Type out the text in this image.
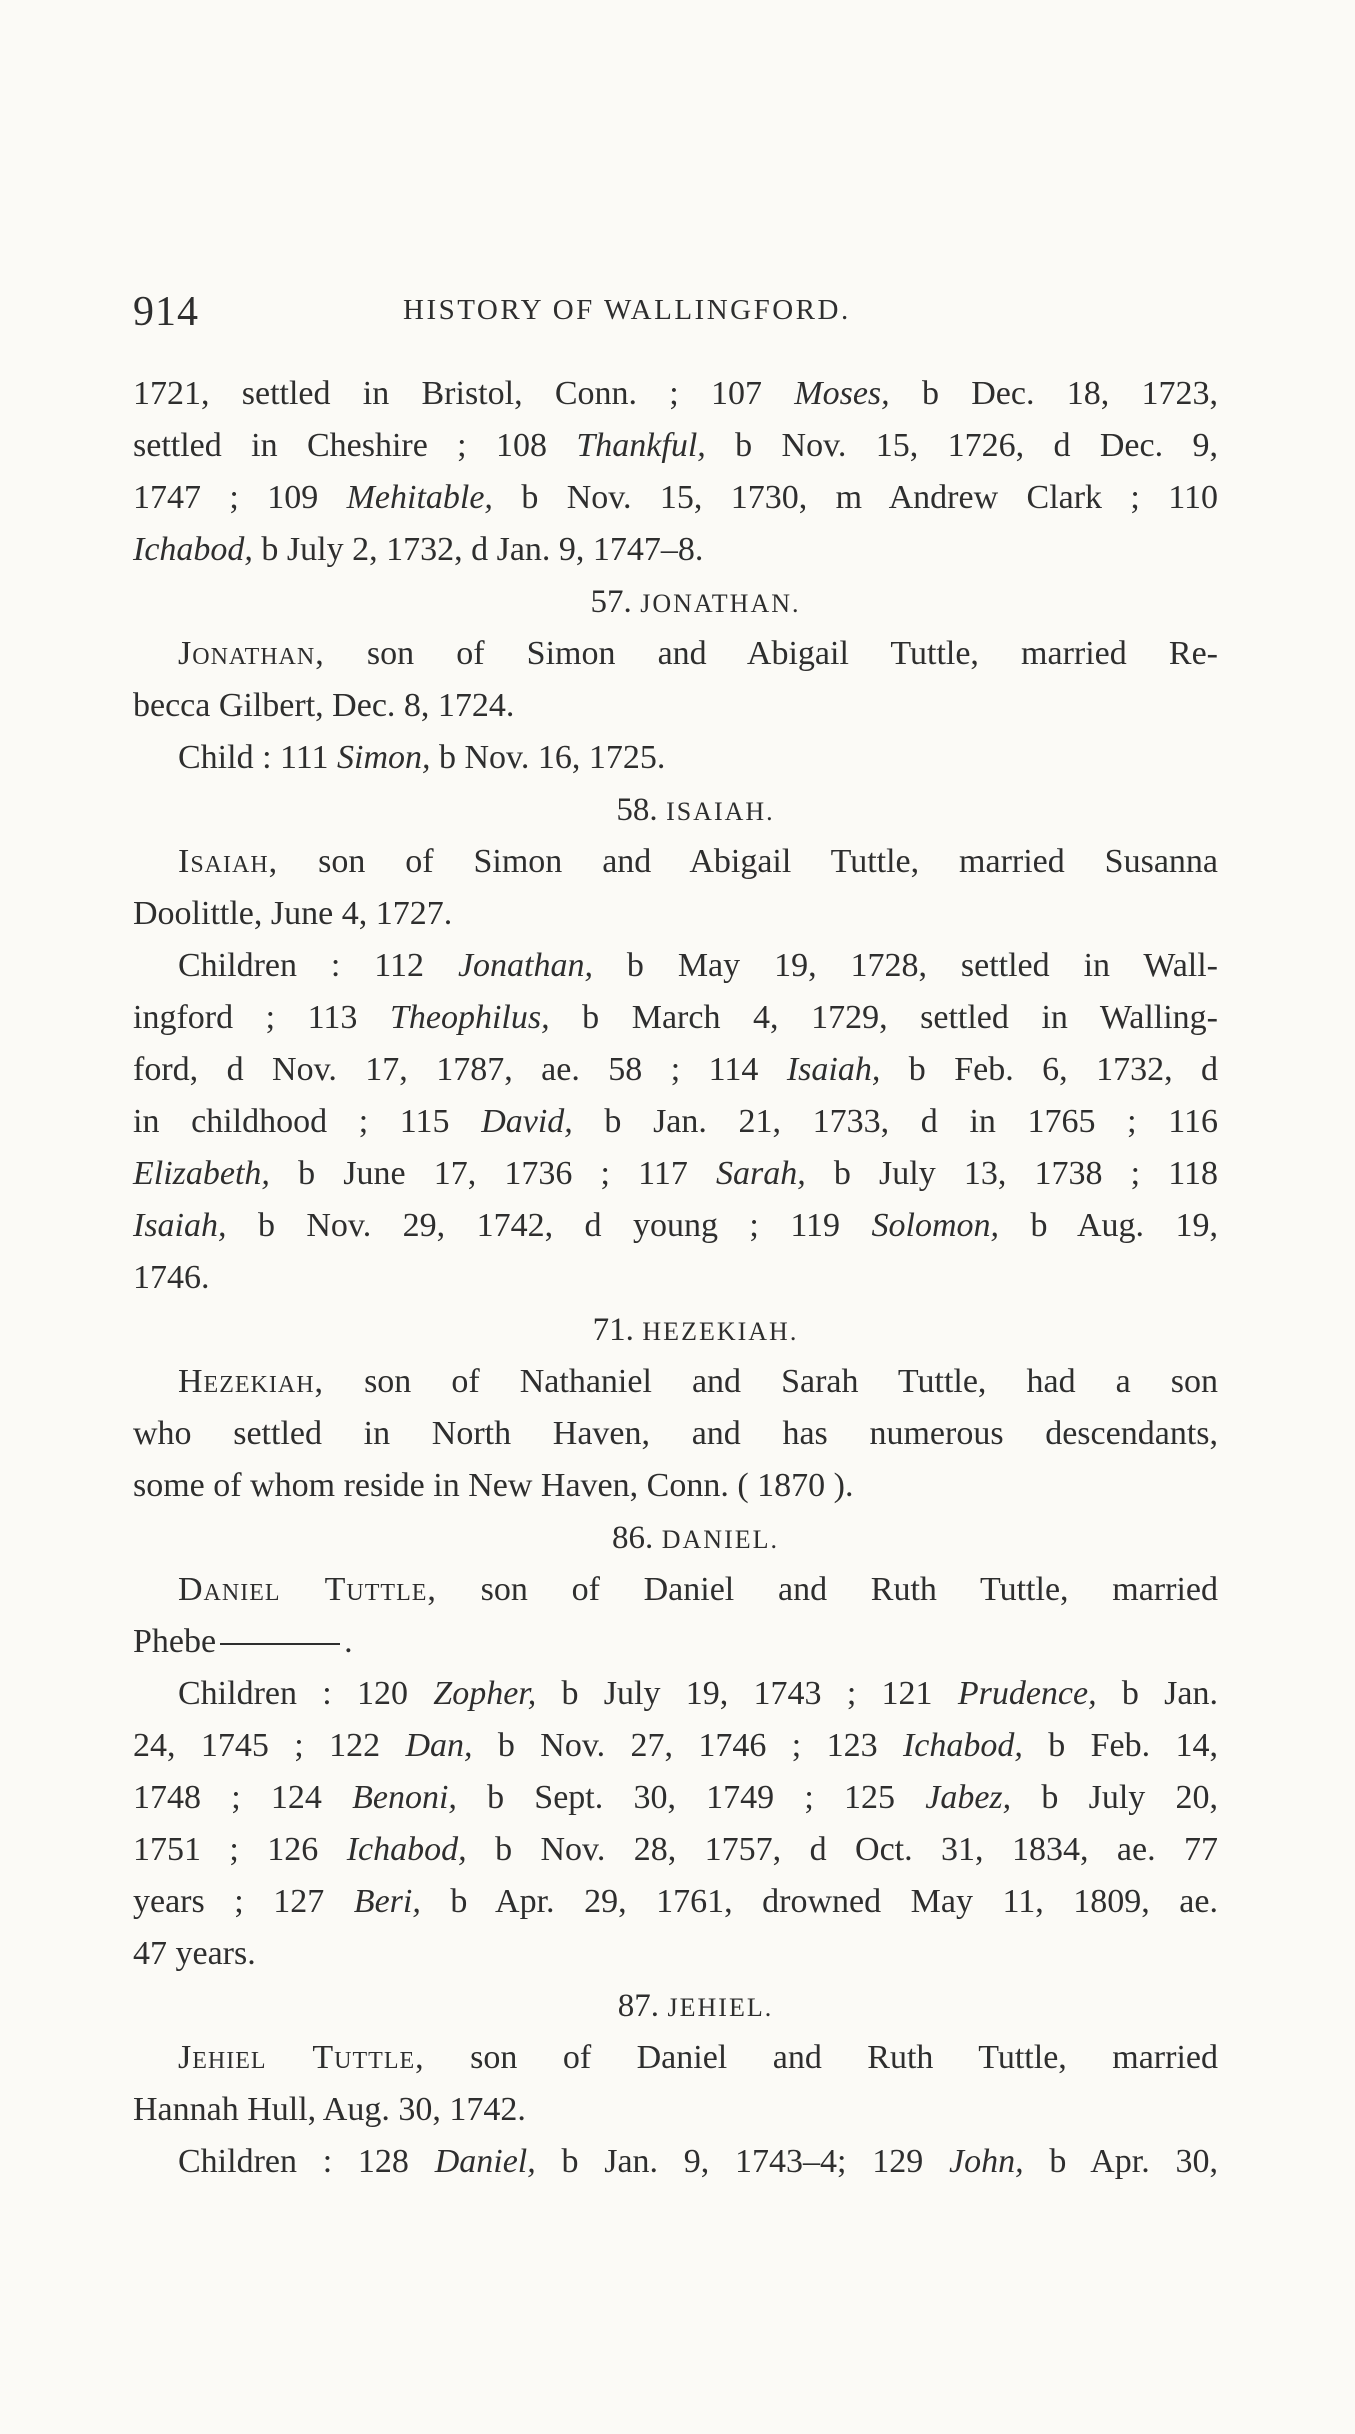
914	HISTORY OF WALLINGFORD.
1721, settled in Bristol, Conn. ; 107 Moses, b Dec. 18, 1723,
settled in Cheshire ; 108 Thankful, b Nov. 15, 1726, d Dec. 9,
1747 ; 109 Mehitable, b Nov. 15, 1730, m Andrew Clark ; 110
Ichabod, b July 2, 1732, d Jan. 9, 1747–8.
57. JONATHAN.
Jonathan, son of Simon and Abigail Tuttle, married Re-
becca Gilbert, Dec. 8, 1724.
Child : 111 Simon, b Nov. 16, 1725.
58. ISAIAH.
Isaiah, son of Simon and Abigail Tuttle, married Susanna
Doolittle, June 4, 1727.
Children : 112 Jonathan, b May 19, 1728, settled in Wall-
ingford ; 113 Theophilus, b March 4, 1729, settled in Walling-
ford, d Nov. 17, 1787, ae. 58 ; 114 Isaiah, b Feb. 6, 1732, d
in childhood ; 115 David, b Jan. 21, 1733, d in 1765 ; 116
Elizabeth, b June 17, 1736 ; 117 Sarah, b July 13, 1738 ; 118
Isaiah, b Nov. 29, 1742, d young ; 119 Solomon, b Aug. 19,
1746.
71. HEZEKIAH.
Hezekiah, son of Nathaniel and Sarah Tuttle, had a son
who settled in North Haven, and has numerous descendants,
some of whom reside in New Haven, Conn. ( 1870 ).
86. DANIEL.
Daniel Tuttle, son of Daniel and Ruth Tuttle, married
Phebe	.
Children : 120 Zopher, b July 19, 1743 ; 121 Prudence, b Jan.
24, 1745 ; 122 Dan, b Nov. 27, 1746 ; 123 Ichabod, b Feb. 14,
1748 ; 124 Benoni, b Sept. 30, 1749 ; 125 Jabez, b July 20,
1751 ; 126 Ichabod, b Nov. 28, 1757, d Oct. 31, 1834, ae. 77
years ; 127 Beri, b Apr. 29, 1761, drowned May 11, 1809, ae.
47 years.
87. JEHIEL.
Jehiel Tuttle, son of Daniel and Ruth Tuttle, married
Hannah Hull, Aug. 30, 1742.
Children : 128 Daniel, b Jan. 9, 1743–4; 129 John, b Apr. 30,
